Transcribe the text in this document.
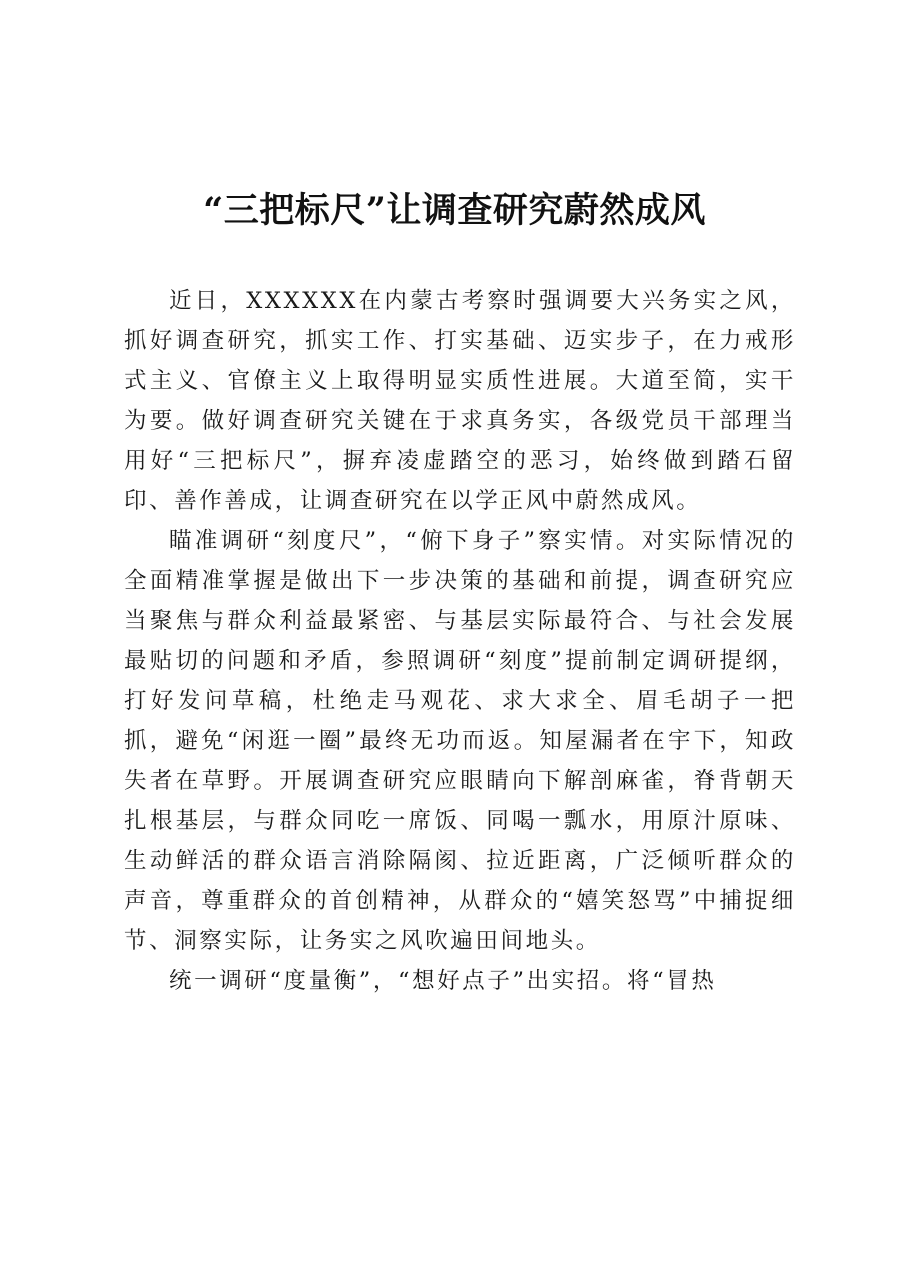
“三把标尺”让调查研究蔚然成风

近日，XXXXXX在内蒙古考察时强调要大兴务实之风，抓好调查研究，抓实工作、打实基础、迈实步子，在力戒形式主义、官僚主义上取得明显实质性进展。大道至简，实干为要。做好调查研究关键在于求真务实，各级党员干部理当用好“三把标尺”，摒弃凌虚踏空的恶习，始终做到踏石留印、善作善成，让调查研究在以学正风中蔚然成风。

瞄准调研“刻度尺”，“俯下身子”察实情。对实际情况的全面精准掌握是做出下一步决策的基础和前提，调查研究应当聚焦与群众利益最紧密、与基层实际最符合、与社会发展最贴切的问题和矛盾，参照调研“刻度”提前制定调研提纲，打好发问草稿，杜绝走马观花、求大求全、眉毛胡子一把抓，避免“闲逛一圈”最终无功而返。知屋漏者在宇下，知政失者在草野。开展调查研究应眼睛向下解剖麻雀，脊背朝天扎根基层，与群众同吃一席饭、同喝一瓢水，用原汁原味、生动鲜活的群众语言消除隔阂、拉近距离，广泛倾听群众的声音，尊重群众的首创精神，从群众的“嬉笑怒骂”中捕捉细节、洞察实际，让务实之风吹遍田间地头。

统一调研“度量衡”，“想好点子”出实招。将“冒热
